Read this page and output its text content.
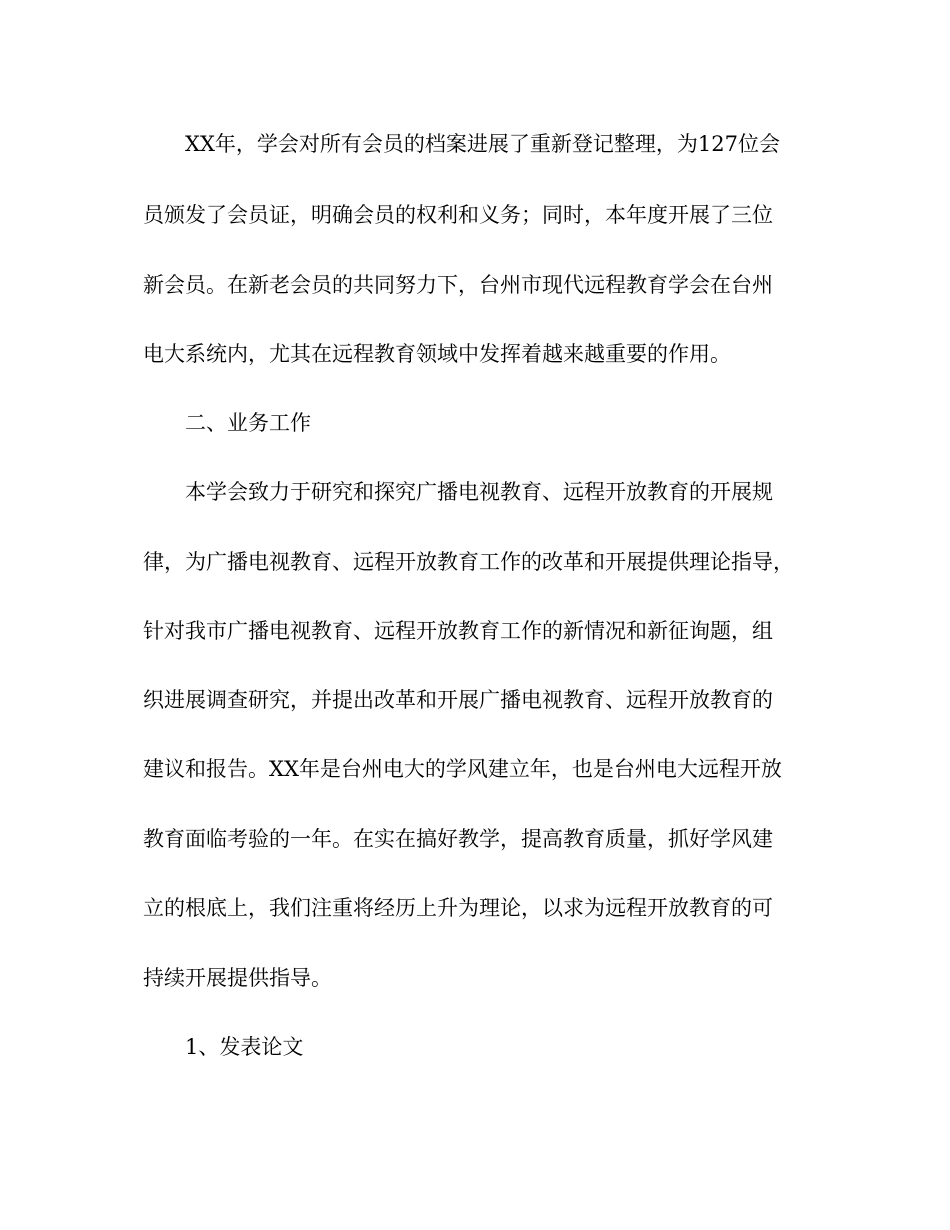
XX年，学会对所有会员的档案进展了重新登记整理，为127位会
员颁发了会员证，明确会员的权利和义务；同时，本年度开展了三位
新会员。在新老会员的共同努力下，台州市现代远程教育学会在台州
电大系统内，尤其在远程教育领域中发挥着越来越重要的作用。
二、业务工作
本学会致力于研究和探究广播电视教育、远程开放教育的开展规
律，为广播电视教育、远程开放教育工作的改革和开展提供理论指导，
针对我市广播电视教育、远程开放教育工作的新情况和新征询题，组
织进展调查研究，并提出改革和开展广播电视教育、远程开放教育的
建议和报告。XX年是台州电大的学风建立年，也是台州电大远程开放
教育面临考验的一年。在实在搞好教学，提高教育质量，抓好学风建
立的根底上，我们注重将经历上升为理论，以求为远程开放教育的可
持续开展提供指导。
1、发表论文
